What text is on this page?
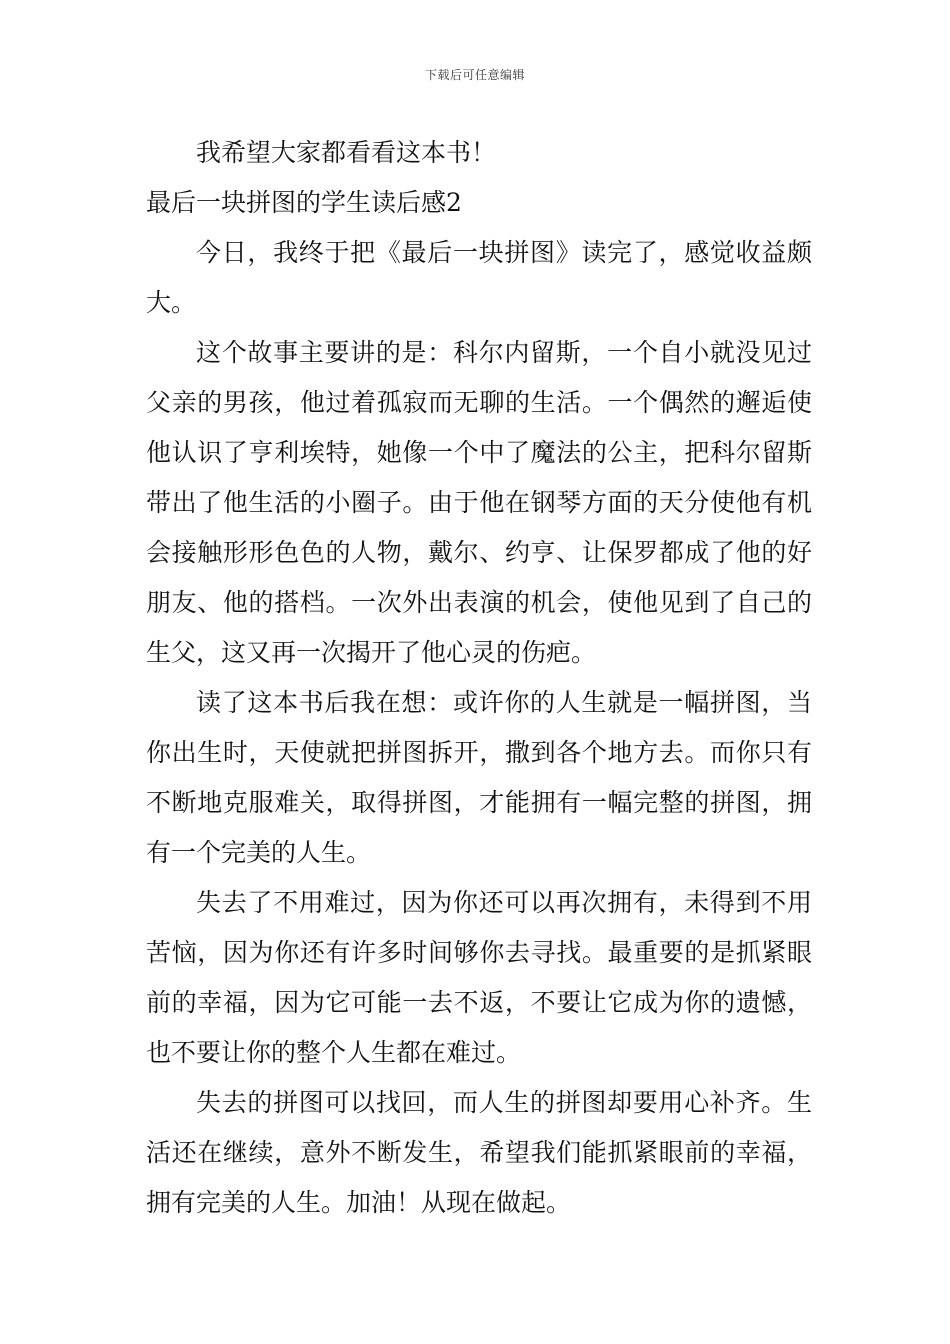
下载后可任意编辑

我希望大家都看看这本书！

最后一块拼图的学生读后感2

今日，我终于把《最后一块拼图》读完了，感觉收益颇大。

这个故事主要讲的是：科尔内留斯，一个自小就没见过父亲的男孩，他过着孤寂而无聊的生活。一个偶然的邂逅使他认识了亨利埃特，她像一个中了魔法的公主，把科尔留斯带出了他生活的小圈子。由于他在钢琴方面的天分使他有机会接触形形色色的人物，戴尔、约亨、让保罗都成了他的好朋友、他的搭档。一次外出表演的机会，使他见到了自己的生父，这又再一次揭开了他心灵的伤疤。

读了这本书后我在想：或许你的人生就是一幅拼图，当你出生时，天使就把拼图拆开，撒到各个地方去。而你只有不断地克服难关，取得拼图，才能拥有一幅完整的拼图，拥有一个完美的人生。

失去了不用难过，因为你还可以再次拥有，未得到不用苦恼，因为你还有许多时间够你去寻找。最重要的是抓紧眼前的幸福，因为它可能一去不返，不要让它成为你的遗憾，也不要让你的整个人生都在难过。

失去的拼图可以找回，而人生的拼图却要用心补齐。生活还在继续，意外不断发生，希望我们能抓紧眼前的幸福，拥有完美的人生。加油！从现在做起。
